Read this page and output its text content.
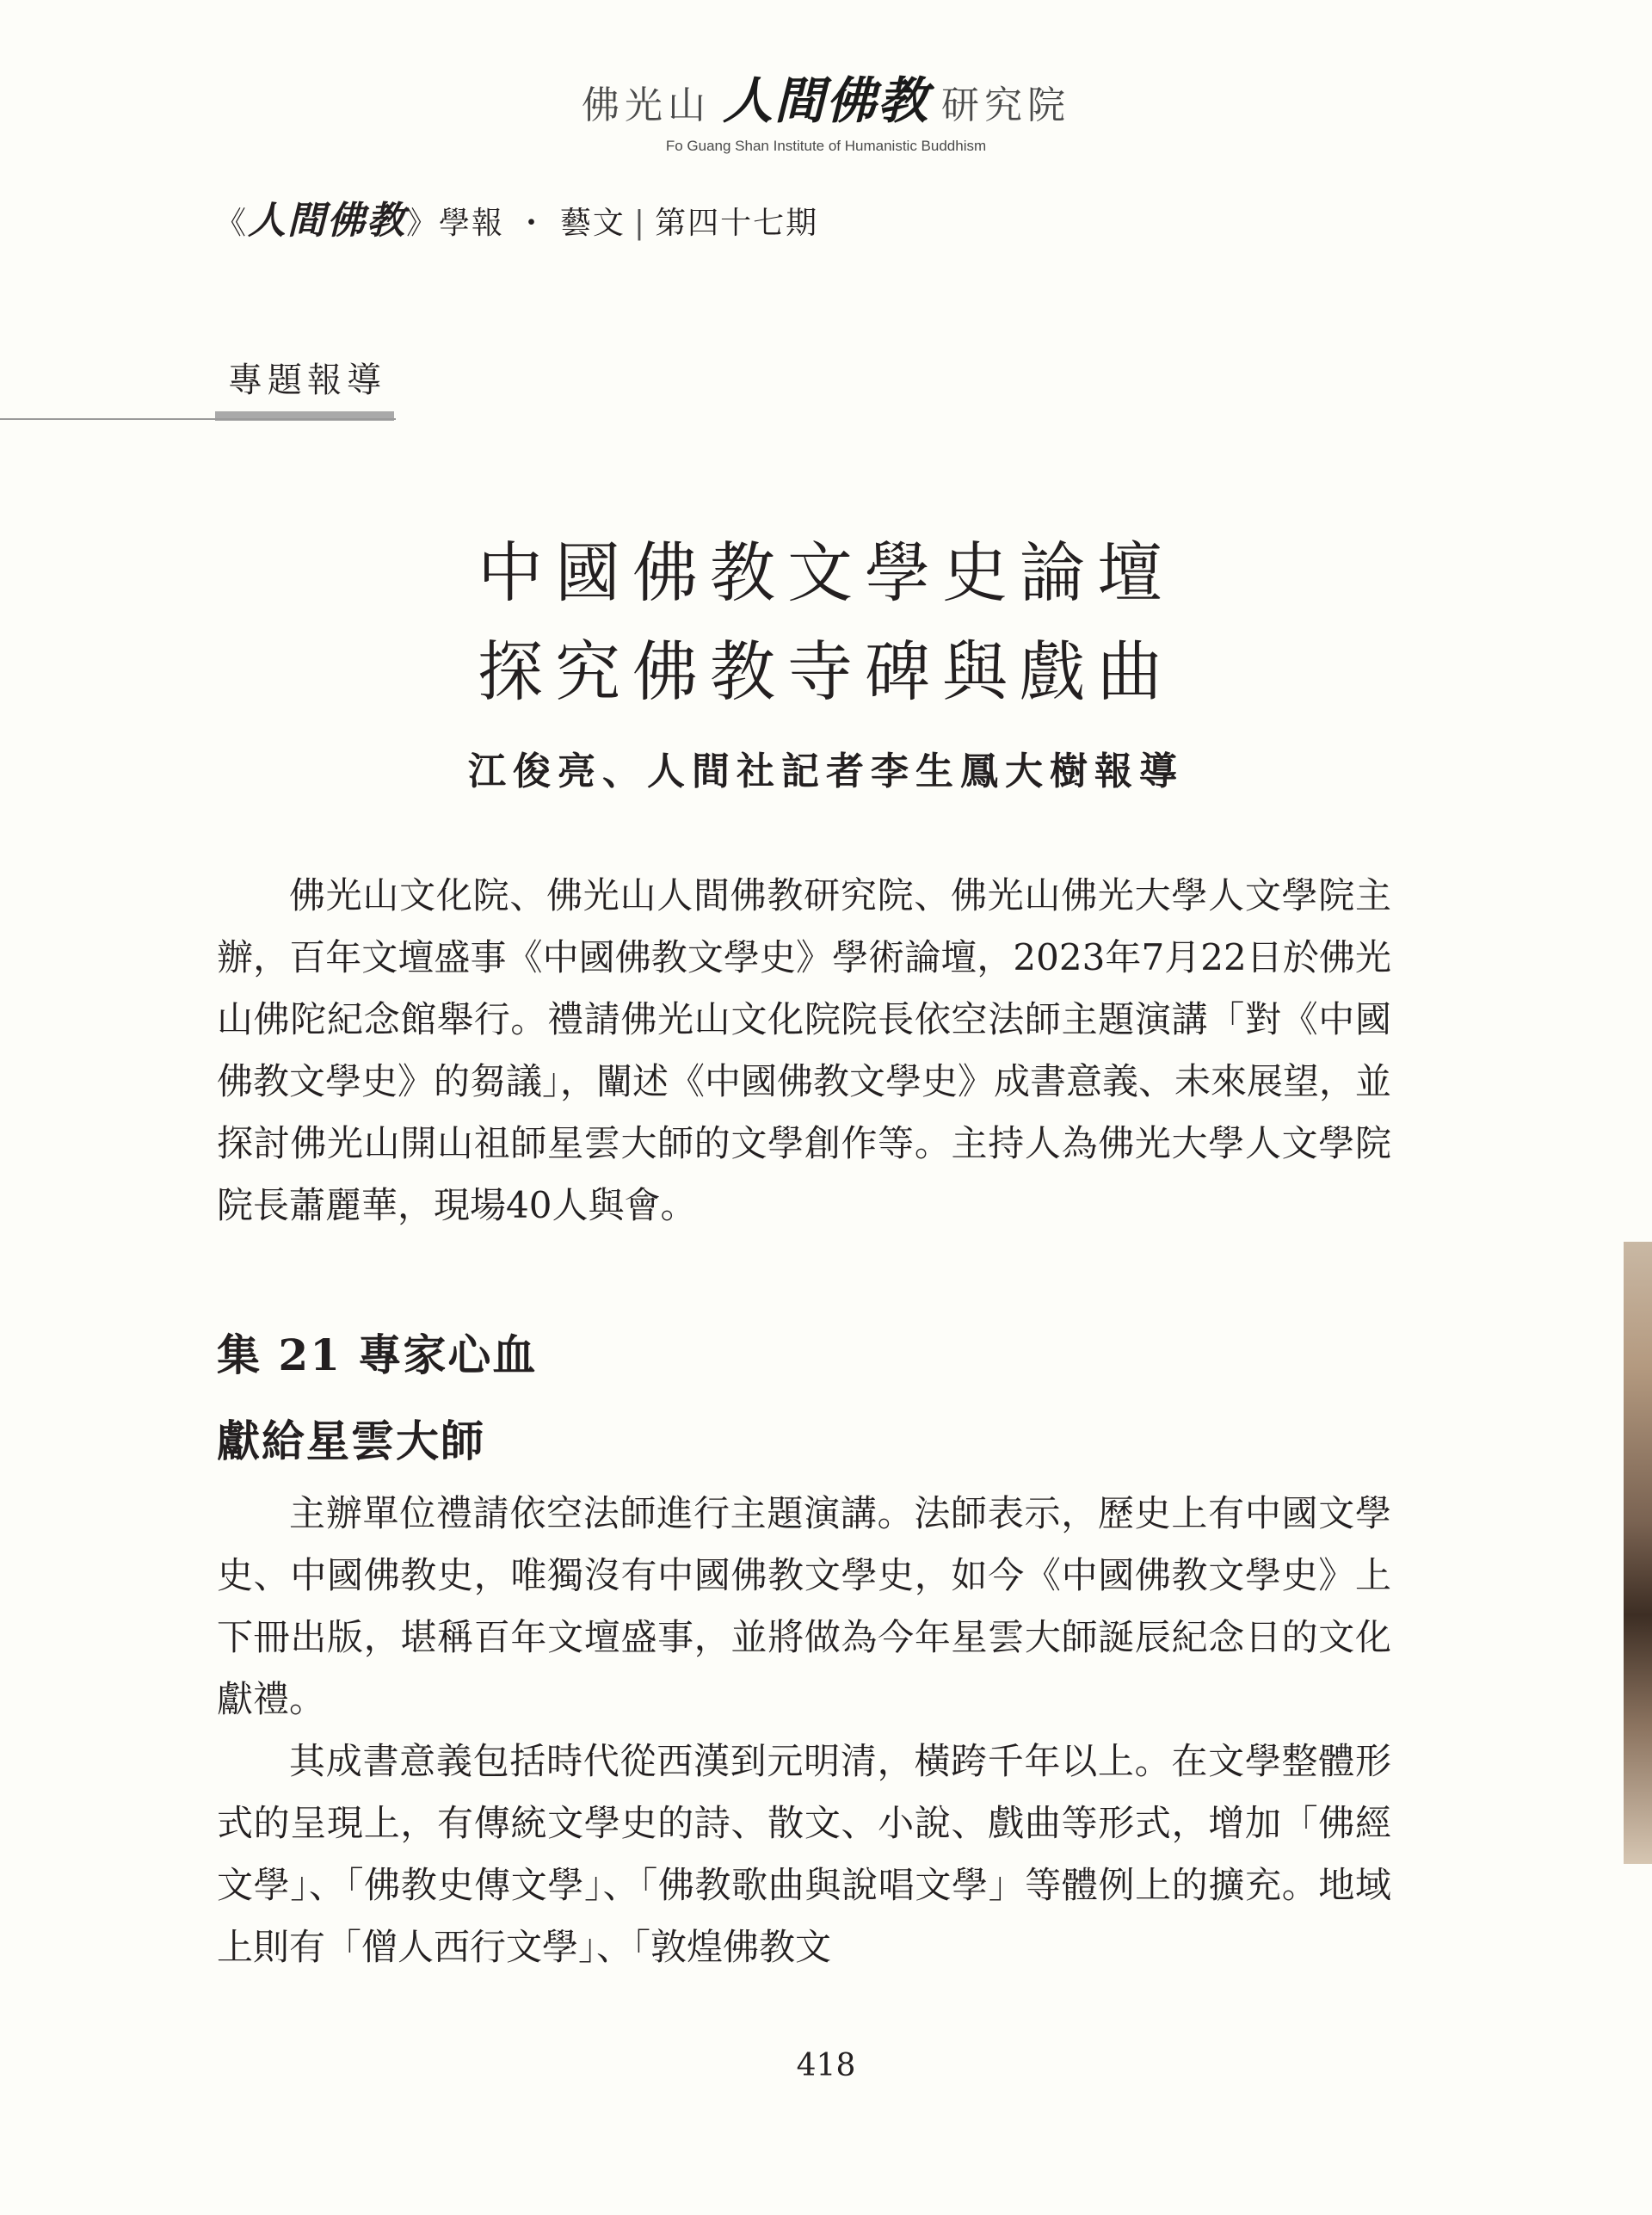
佛光山 人間佛教 研究院
Fo Guang Shan Institute of Humanistic Buddhism
《人間佛教》學報 ・ 藝文 | 第四十七期
專題報導
中國佛教文學史論壇
探究佛教寺碑與戲曲
江俊亮、人間社記者李生鳳大樹報導

佛光山文化院、佛光山人間佛教研究院、佛光山佛光大學人文學院主辦，百年文壇盛事《中國佛教文學史》學術論壇，2023年7月22日於佛光山佛陀紀念館舉行。禮請佛光山文化院院長依空法師主題演講「對《中國佛教文學史》的芻議」，闡述《中國佛教文學史》成書意義、未來展望，並探討佛光山開山祖師星雲大師的文學創作等。主持人為佛光大學人文學院院長蕭麗華，現場40人與會。

集 21 專家心血
獻給星雲大師

主辦單位禮請依空法師進行主題演講。法師表示，歷史上有中國文學史、中國佛教史，唯獨沒有中國佛教文學史，如今《中國佛教文學史》上下冊出版，堪稱百年文壇盛事，並將做為今年星雲大師誕辰紀念日的文化獻禮。

其成書意義包括時代從西漢到元明清，橫跨千年以上。在文學整體形式的呈現上，有傳統文學史的詩、散文、小說、戲曲等形式，增加「佛經文學」、「佛教史傳文學」、「佛教歌曲與說唱文學」等體例上的擴充。地域上則有「僧人西行文學」、「敦煌佛教文

418
